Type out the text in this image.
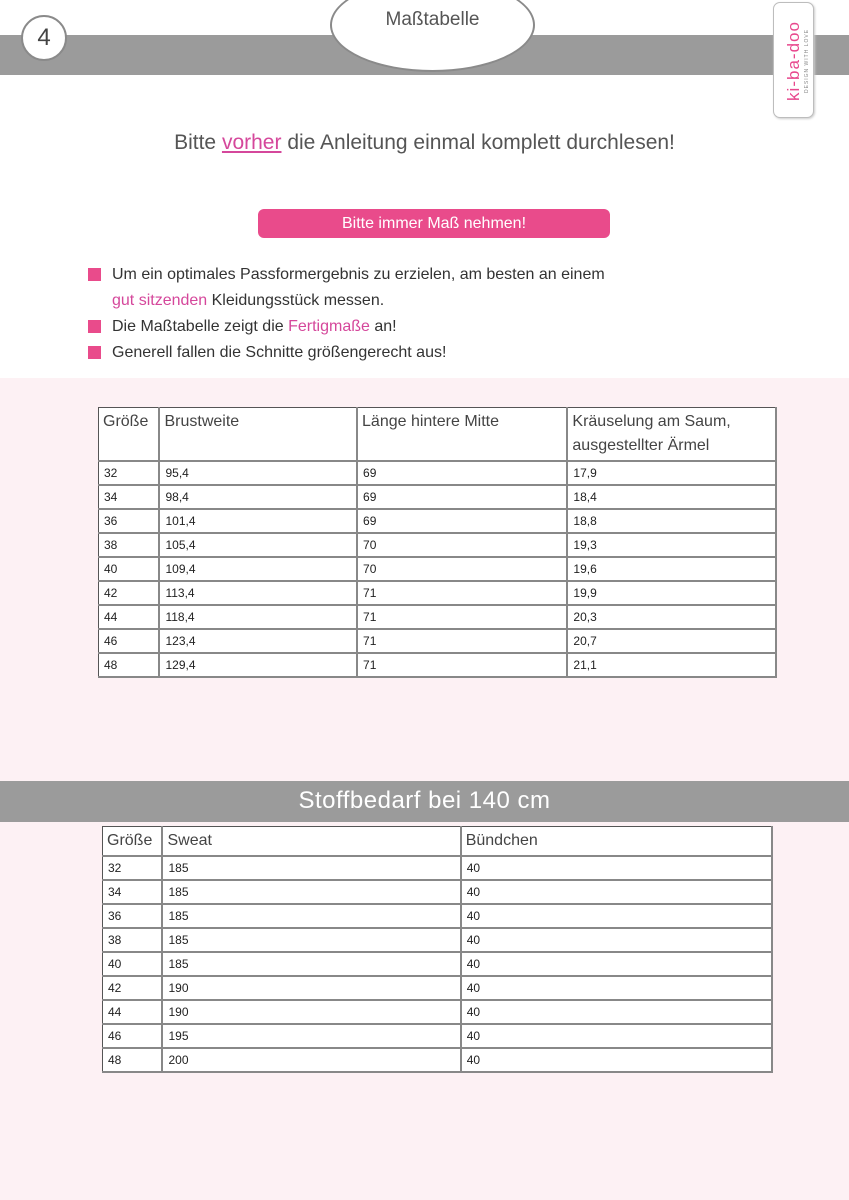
4
Maßtabelle
ki-ba-doo DESIGN WITH LOVE
Bitte vorher die Anleitung einmal komplett durchlesen!
Bitte immer Maß nehmen!
Um ein optimales Passformergebnis zu erzielen, am besten an einem
gut sitzenden Kleidungsstück messen.
Die Maßtabelle zeigt die Fertigmaße an!
Generell fallen die Schnitte größengerecht aus!
Größe	Brustweite	Länge hintere Mitte	Kräuselung am Saum, ausgestellter Ärmel
32	95,4	69	17,9
34	98,4	69	18,4
36	101,4	69	18,8
38	105,4	70	19,3
40	109,4	70	19,6
42	113,4	71	19,9
44	118,4	71	20,3
46	123,4	71	20,7
48	129,4	71	21,1
Stoffbedarf bei 140 cm
Größe	Sweat	Bündchen
32	185	40
34	185	40
36	185	40
38	185	40
40	185	40
42	190	40
44	190	40
46	195	40
48	200	40
